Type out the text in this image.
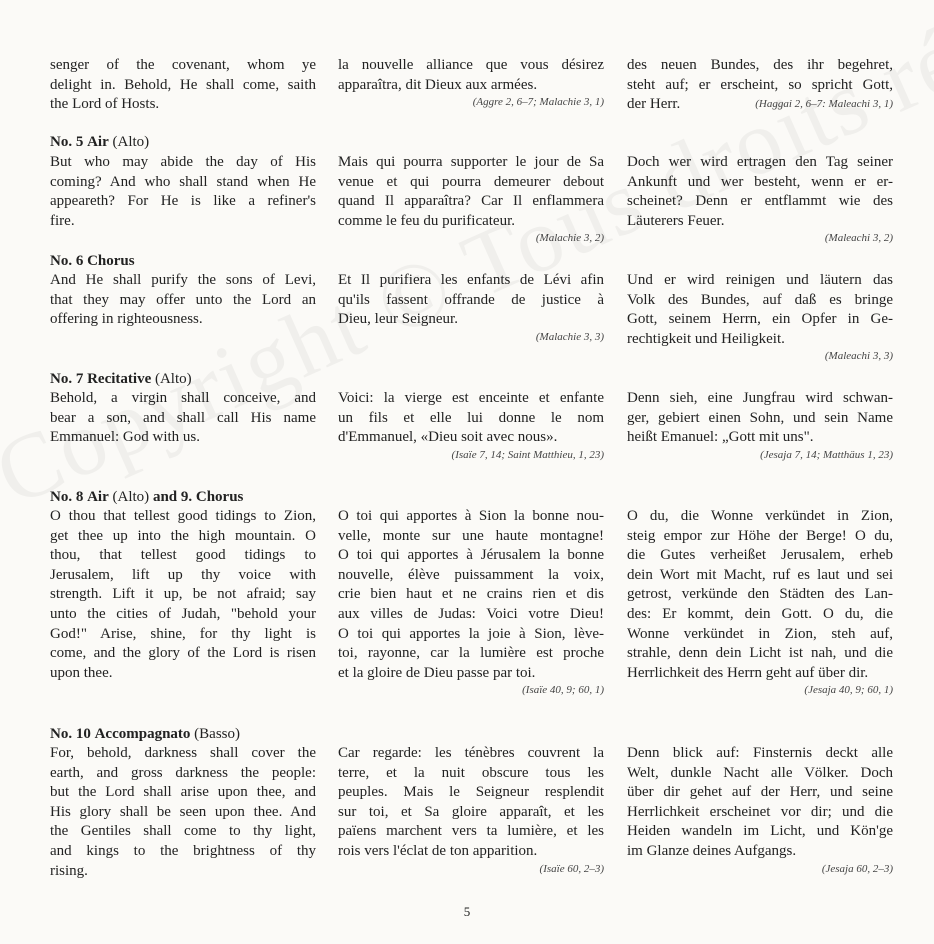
senger of the covenant, whom ye
delight in. Behold, He shall come, saith
the Lord of Hosts.
la nouvelle alliance que vous désirez
apparaîtra, dit Dieux aux armées.
(Aggre 2, 6–7; Malachie 3, 1)
des neuen Bundes, des ihr begehret,
steht auf; er erscheint, so spricht Gott,
der Herr.	(Haggai 2, 6–7: Maleachi 3, 1)
No. 5 Air (Alto)
But who may abide the day of His
coming? And who shall stand when He
appeareth? For He is like a refiner's
fire.
Mais qui pourra supporter le jour de Sa
venue et qui pourra demeurer debout
quand Il apparaîtra? Car Il enflammera
comme le feu du purificateur.
(Malachie 3, 2)
Doch wer wird ertragen den Tag seiner
Ankunft und wer besteht, wenn er er-
scheinet? Denn er entflammt wie des
Läuterers Feuer.
(Maleachi 3, 2)
No. 6 Chorus
And He shall purify the sons of Levi,
that they may offer unto the Lord an
offering in righteousness.
Et Il purifiera les enfants de Lévi afin
qu'ils fassent offrande de justice à
Dieu, leur Seigneur.
(Malachie 3, 3)
Und er wird reinigen und läutern das
Volk des Bundes, auf daß es bringe
Gott, seinem Herrn, ein Opfer in Ge-
rechtigkeit und Heiligkeit.
(Maleachi 3, 3)
No. 7 Recitative (Alto)
Behold, a virgin shall conceive, and
bear a son, and shall call His name
Emmanuel: God with us.
Voici: la vierge est enceinte et enfante
un fils et elle lui donne le nom
d'Emmanuel, «Dieu soit avec nous».
(Isaïe 7, 14; Saint Matthieu, 1, 23)
Denn sieh, eine Jungfrau wird schwan-
ger, gebiert einen Sohn, und sein Name
heißt Emanuel: „Gott mit uns".
(Jesaja 7, 14; Matthäus 1, 23)
No. 8 Air (Alto) and 9. Chorus
O thou that tellest good tidings to Zion,
get thee up into the high mountain. O
thou, that tellest good tidings to
Jerusalem, lift up thy voice with
strength. Lift it up, be not afraid; say
unto the cities of Judah, "behold your
God!" Arise, shine, for thy light is
come, and the glory of the Lord is risen
upon thee.
O toi qui apportes à Sion la bonne nou-
velle, monte sur une haute montagne!
O toi qui apportes à Jérusalem la bonne
nouvelle, élève puissamment la voix,
crie bien haut et ne crains rien et dis
aux villes de Judas: Voici votre Dieu!
O toi qui apportes la joie à Sion, lève-
toi, rayonne, car la lumière est proche
et la gloire de Dieu passe par toi.
(Isaïe 40, 9; 60, 1)
O du, die Wonne verkündet in Zion,
steig empor zur Höhe der Berge! O du,
die Gutes verheißet Jerusalem, erheb
dein Wort mit Macht, ruf es laut und sei
getrost, verkünde den Städten des Lan-
des: Er kommt, dein Gott. O du, die
Wonne verkündet in Zion, steh auf,
strahle, denn dein Licht ist nah, und die
Herrlichkeit des Herrn geht auf über dir.
(Jesaja 40, 9; 60, 1)
No. 10 Accompagnato (Basso)
For, behold, darkness shall cover the
earth, and gross darkness the people:
but the Lord shall arise upon thee, and
His glory shall be seen upon thee. And
the Gentiles shall come to thy light,
and kings to the brightness of thy
rising.
Car regarde: les ténèbres couvrent la
terre, et la nuit obscure tous les
peuples. Mais le Seigneur resplendit
sur toi, et Sa gloire apparaît, et les
païens marchent vers ta lumière, et les
rois vers l'éclat de ton apparition.
(Isaïe 60, 2–3)
Denn blick auf: Finsternis deckt alle
Welt, dunkle Nacht alle Völker. Doch
über dir gehet auf der Herr, und seine
Herrlichkeit erscheinet vor dir; und die
Heiden wandeln im Licht, und Kön'ge
im Glanze deines Aufgangs.
(Jesaja 60, 2–3)
5
